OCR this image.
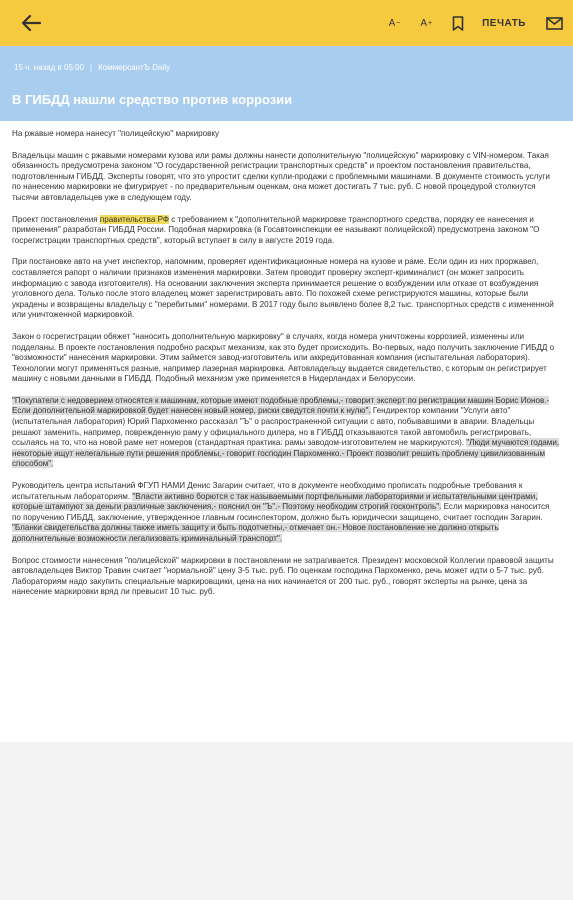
А − А +	ПЕЧАТЬ
15 ч. назад в 05:00 | КоммерсантЪ Daily
В ГИБДД нашли средство против коррозии

На ржавые номера нанесут "полицейскую" маркировку

Владельцы машин с ржавыми номерами кузова или рамы должны нанести дополнительную "полицейскую" маркировку с VIN-номером. Такая обязанность предусмотрена законом "О государственной регистрации транспортных средств" и проектом постановления правительства, подготовленным ГИБДД. Эксперты говорят, что это упростит сделки купли-продажи с проблемными машинами. В документе стоимость услуги по нанесению маркировки не фигурирует - по предварительным оценкам, она может достигать 7 тыс. руб. С новой процедурой столкнутся тысячи автовладельцев уже в следующем году.

Проект постановления правительства РФ с требованием к "дополнительной маркировке транспортного средства, порядку ее нанесения и применения" разработан ГИБДД России. Подобная маркировка (в Госавтоинспекции ее называют полицейской) предусмотрена законом "О госрегистрации транспортных средств", который вступает в силу в августе 2019 года.

При постановке авто на учет инспектор, напомним, проверяет идентификационные номера на кузове и раме. Если один из них проржавел, составляется рапорт о наличии признаков изменения маркировки. Затем проводит проверку эксперт-криминалист (он может запросить информацию с завода изготовителя). На основании заключения эксперта принимается решение о возбуждении или отказе от возбуждения уголовного дела. Только после этого владелец может зарегистрировать авто. По похожей схеме регистрируются машины, которые были украдены и возвращены владельцу с "перебитыми" номерами. В 2017 году было выявлено более 8,2 тыс. транспортных средств с измененной или уничтоженной маркировкой.

Закон о госрегистрации обяжет "наносить дополнительную маркировку" в случаях, когда номера уничтожены коррозией, изменены или подделаны. В проекте постановления подробно раскрыт механизм, как это будет происходить. Во-первых, надо получить заключение ГИБДД о "возможности" нанесения маркировки. Этим займется завод-изготовитель или аккредитованная компания (испытательная лаборатория). Технологии могут применяться разные, например лазерная маркировка. Автовладельцу выдается свидетельство, с которым он регистрирует машину с новыми данными в ГИБДД. Подобный механизм уже применяется в Нидерландах и Белоруссии.

"Покупатели с недоверием относятся к машинам, которые имеют подобные проблемы,- говорит эксперт по регистрации машин Борис Ионов.- Если дополнительной маркировкой будет нанесен новый номер, риски сведутся почти к нулю". Гендиректор компании "Услуги авто" (испытательная лаборатория) Юрий Пархоменко рассказал "Ъ" о распространенной ситуации с авто, побывавшими в аварии. Владельцы решают заменить, например, поврежденную раму у официального дилера, но в ГИБДД отказываются такой автомобиль регистрировать, ссылаясь на то, что на новой раме нет номеров (стандартная практика: рамы заводом-изготовителем не маркируются). "Люди мучаются годами, некоторые ищут нелегальные пути решения проблемы,- говорит господин Пархоменко.- Проект позволит решить проблему цивилизованным способом".

Руководитель центра испытаний ФГУП НАМИ Денис Загарин считает, что в документе необходимо прописать подробные требования к испытательным лабораториям. "Власти активно борются с так называемыми портфельными лабораториями и испытательными центрами, которые штампуют за деньги различные заключения,- пояснил он "Ъ".- Поэтому необходим строгий госконтроль". Если маркировка наносится по поручению ГИБДД, заключение, утвержденное главным госинспектором, должно быть юридически защищено, считает господин Загарин. "Бланки свидетельства должны также иметь защиту и быть подотчетны,- отмечает он.- Новое постановление не должно открыть дополнительные возможности легализовать криминальный транспорт".

Вопрос стоимости нанесения "полицейской" маркировки в постановлении не затрагивается. Президент московской Коллегии правовой защиты автовладельцев Виктор Травин считает "нормальной" цену 3-5 тыс. руб. По оценкам господина Пархоменко, речь может идти о 5-7 тыс. руб. Лабораториям надо закупить специальные маркировщики, цена на них начинается от 200 тыс. руб., говорят эксперты на рынке, цена за нанесение маркировки вряд ли превысит 10 тыс. руб.
